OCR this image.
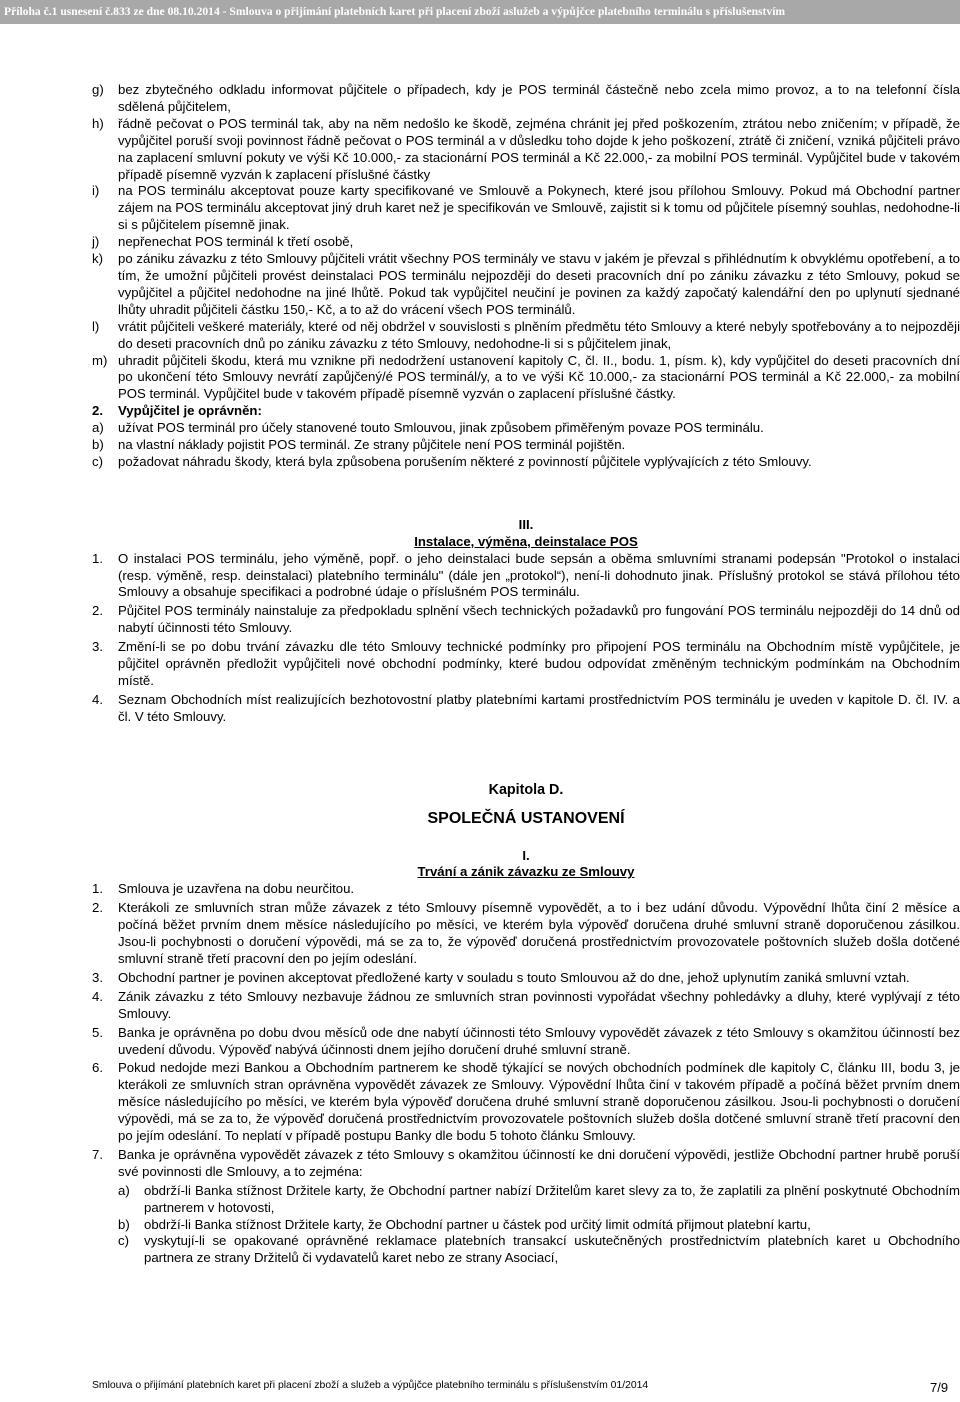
Příloha č.1 usnesení č.833 ze dne 08.10.2014 - Smlouva o přijímání platebních karet při placení zboží aslužeb a výpůjčce platebního terminálu s příslušenstvím
g) bez zbytečného odkladu informovat půjčitele o případech, kdy je POS terminál částečně nebo zcela mimo provoz, a to na telefonní čísla sdělená půjčitelem,
h) řádně pečovat o POS terminál tak, aby na něm nedošlo ke škodě, zejména chránit jej před poškozením, ztrátou nebo zničením; v případě, že vypůjčitel poruší svoji povinnost řádně pečovat o POS terminál a v důsledku toho dojde k jeho poškození, ztrátě či zničení, vzniká půjčiteli právo na zaplacení smluvní pokuty ve výši Kč 10.000,- za stacionární POS terminál a Kč 22.000,- za mobilní POS terminál. Vypůjčitel bude v takovém případě písemně vyzván k zaplacení příslušné částky
i) na POS terminálu akceptovat pouze karty specifikované ve Smlouvě a Pokynech, které jsou přílohou Smlouvy. Pokud má Obchodní partner zájem na POS terminálu akceptovat jiný druh karet než je specifikován ve Smlouvě, zajistit si k tomu od půjčitele písemný souhlas, nedohodne-li si s půjčitelem písemně jinak.
j) nepřenechat POS terminál k třetí osobě,
k) po zániku závazku z této Smlouvy půjčiteli vrátit všechny POS terminály ve stavu v jakém je převzal s přihlédnutím k obvyklému opotřebení, a to tím, že umožní půjčiteli provést deinstalaci POS terminálu nejpozději do deseti pracovních dní po zániku závazku z této Smlouvy, pokud se vypůjčitel a půjčitel nedohodne na jiné lhůtě. Pokud tak vypůjčitel neučiní je povinen za každý započatý kalendářní den po uplynutí sjednané lhůty uhradit půjčiteli částku 150,- Kč, a to až do vrácení všech POS terminálů.
l) vrátit půjčiteli veškeré materiály, které od něj obdržel v souvislosti s plněním předmětu této Smlouvy a které nebyly spotřebovány a to nejpozději do deseti pracovních dnů po zániku závazku z této Smlouvy, nedohodne-li si s půjčitelem jinak,
m) uhradit půjčiteli škodu, která mu vznikne při nedodržení ustanovení kapitoly C, čl. II., bodu. 1, písm. k), kdy vypůjčitel do deseti pracovních dní po ukončení této Smlouvy nevrátí zapůjčený/é POS terminál/y, a to ve výši Kč 10.000,- za stacionární POS terminál a Kč 22.000,- za mobilní POS terminál. Vypůjčitel bude v takovém případě písemně vyzván o zaplacení příslušné částky.
2. Vypůjčitel je oprávněn:
a) užívat POS terminál pro účely stanovené touto Smlouvou, jinak způsobem přiměřeným povaze POS terminálu.
b) na vlastní náklady pojistit POS terminál. Ze strany půjčitele není POS terminál pojištěn.
c) požadovat náhradu škody, která byla způsobena porušením některé z povinností půjčitele vyplývajících z této Smlouvy.
III.
Instalace, výměna, deinstalace POS
1. O instalaci POS terminálu, jeho výměně, popř. o jeho deinstalaci bude sepsán a oběma smluvními stranami podepsán "Protokol o instalaci (resp. výměně, resp. deinstalaci) platebního terminálu" (dále jen „protokol“), není-li dohodnuto jinak. Příslušný protokol se stává přílohou této Smlouvy a obsahuje specifikaci a podrobné údaje o příslušném POS terminálu.
2. Půjčitel POS terminály nainstaluje za předpokladu splnění všech technických požadavků pro fungování POS terminálu nejpozději do 14 dnů od nabytí účinnosti této Smlouvy.
3. Změní-li se po dobu trvání závazku dle této Smlouvy technické podmínky pro připojení POS terminálu na Obchodním místě vypůjčitele, je půjčitel oprávněn předložit vypůjčiteli nové obchodní podmínky, které budou odpovídat změněným technickým podmínkám na Obchodním místě.
4. Seznam Obchodních míst realizujících bezhotovostní platby platebními kartami prostřednictvím POS terminálu je uveden v kapitole D. čl. IV. a čl. V této Smlouvy.
Kapitola D.
SPOLEČNÁ USTANOVENÍ
I.
Trvání a zánik závazku ze Smlouvy
1. Smlouva je uzavřena na dobu neurčitou.
2. Kterákoli ze smluvních stran může závazek z této Smlouvy písemně vypovědět, a to i bez udání důvodu. Výpovědní lhůta činí 2 měsíce a počíná běžet prvním dnem měsíce následujícího po měsíci, ve kterém byla výpověď doručena druhé smluvní straně doporučenou zásilkou. Jsou-li pochybnosti o doručení výpovědi, má se za to, že výpověď doručená prostřednictvím provozovatele poštovních služeb došla dotčené smluvní straně třetí pracovní den po jejím odeslání.
3. Obchodní partner je povinen akceptovat předložené karty v souladu s touto Smlouvou až do dne, jehož uplynutím zaniká smluvní vztah.
4. Zánik závazku z této Smlouvy nezbavuje žádnou ze smluvních stran povinnosti vypořádat všechny pohledávky a dluhy, které vyplývají z této Smlouvy.
5. Banka je oprávněna po dobu dvou měsíců ode dne nabytí účinnosti této Smlouvy vypovědět závazek z této Smlouvy s okamžitou účinností bez uvedení důvodu. Výpověď nabývá účinnosti dnem jejího doručení druhé smluvní straně.
6. Pokud nedojde mezi Bankou a Obchodním partnerem ke shodě týkající se nových obchodních podmínek dle kapitoly C, článku III, bodu 3, je kterákoli ze smluvních stran oprávněna vypovědět závazek ze Smlouvy. Výpovědní lhůta činí v takovém případě a počíná běžet prvním dnem měsíce následujícího po měsíci, ve kterém byla výpověď doručena druhé smluvní straně doporučenou zásilkou. Jsou-li pochybnosti o doručení výpovědi, má se za to, že výpověď doručená prostřednictvím provozovatele poštovních služeb došla dotčené smluvní straně třetí pracovní den po jejím odeslání. To neplatí v případě postupu Banky dle bodu 5 tohoto článku Smlouvy.
7. Banka je oprávněna vypovědět závazek z této Smlouvy s okamžitou účinností ke dni doručení výpovědi, jestliže Obchodní partner hrubě poruší své povinnosti dle Smlouvy, a to zejména:
a) obdrží-li Banka stížnost Držitele karty, že Obchodní partner nabízí Držitelům karet slevy za to, že zaplatili za plnění poskytnuté Obchodním partnerem v hotovosti,
b) obdrží-li Banka stížnost Držitele karty, že Obchodní partner u částek pod určitý limit odmítá přijmout platební kartu,
c) vyskytují-li se opakované oprávněné reklamace platebních transakcí uskutečněných prostřednictvím platebních karet u Obchodního partnera ze strany Držitelů či vydavatelů karet nebo ze strany Asociací,
Smlouva o přijímání platebních karet při placení zboží a služeb a výpůjčce platebního terminálu s příslušenstvím 01/2014	7/9
